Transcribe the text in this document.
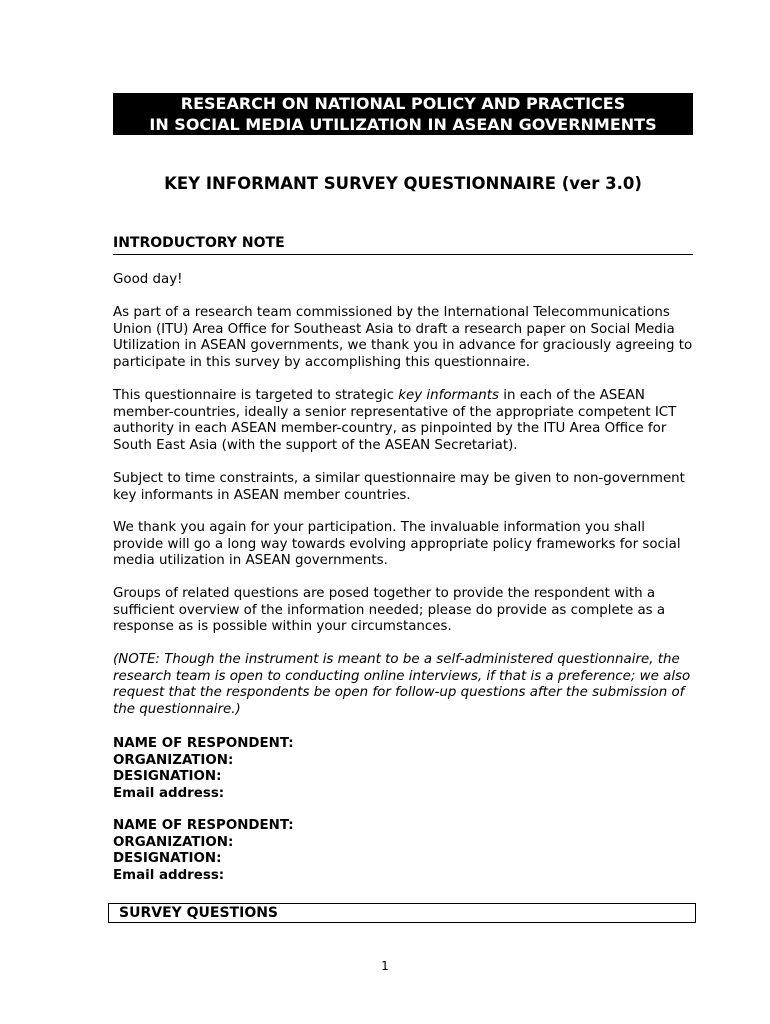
RESEARCH ON NATIONAL POLICY AND PRACTICES
IN SOCIAL MEDIA UTILIZATION IN ASEAN GOVERNMENTS
KEY INFORMANT SURVEY QUESTIONNAIRE (ver 3.0)
INTRODUCTORY NOTE

Good day!

As part of a research team commissioned by the International Telecommunications Union (ITU) Area Office for Southeast Asia to draft a research paper on Social Media Utilization in ASEAN governments, we thank you in advance for graciously agreeing to participate in this survey by accomplishing this questionnaire.

This questionnaire is targeted to strategic key informants in each of the ASEAN member-countries, ideally a senior representative of the appropriate competent ICT authority in each ASEAN member-country, as pinpointed by the ITU Area Office for South East Asia (with the support of the ASEAN Secretariat).

Subject to time constraints, a similar questionnaire may be given to non-government key informants in ASEAN member countries.

We thank you again for your participation. The invaluable information you shall provide will go a long way towards evolving appropriate policy frameworks for social media utilization in ASEAN governments.

Groups of related questions are posed together to provide the respondent with a sufficient overview of the information needed; please do provide as complete as a response as is possible within your circumstances.

(NOTE: Though the instrument is meant to be a self-administered questionnaire, the research team is open to conducting online interviews, if that is a preference; we also request that the respondents be open for follow-up questions after the submission of the questionnaire.)

NAME OF RESPONDENT:
ORGANIZATION:
DESIGNATION:
Email address:
NAME OF RESPONDENT:
ORGANIZATION:
DESIGNATION:
Email address:
SURVEY QUESTIONS
1
